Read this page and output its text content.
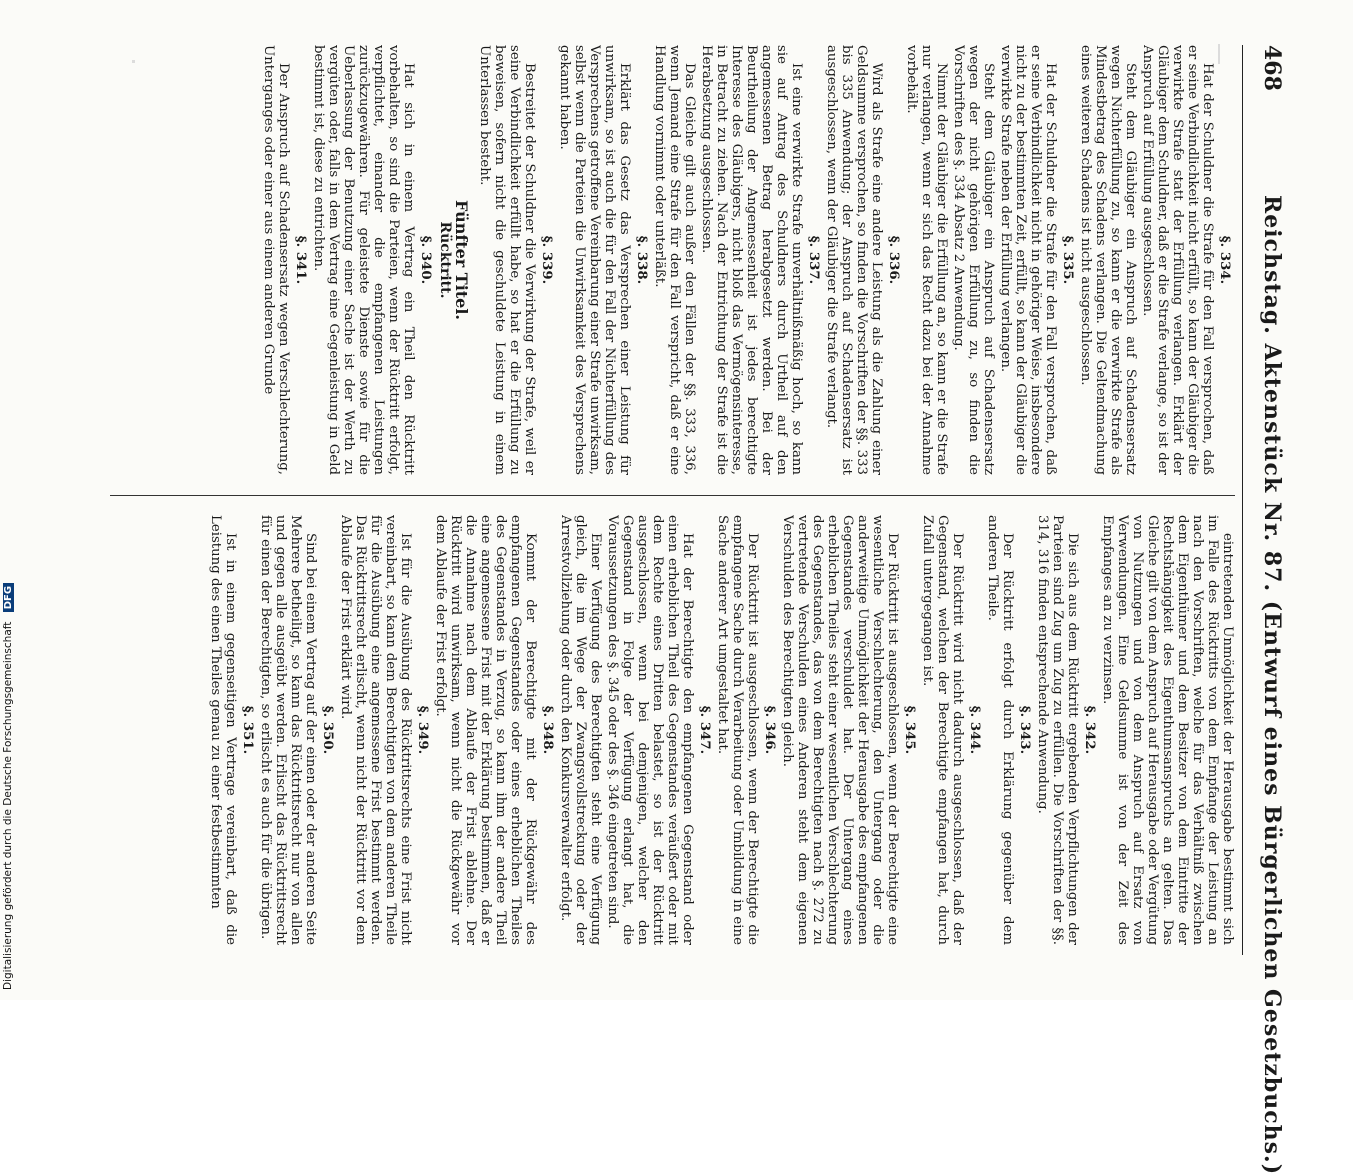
468
Reichstag. Aktenstück Nr. 87. (Entwurf eines Bürgerlichen Gesetzbuchs.)
§. 334.
Hat der Schuldner die Strafe für den Fall versprochen, daß er seine Verbindlichkeit nicht erfüllt, so kann der Gläubiger die verwirkte Strafe statt der Erfüllung verlangen. Erklärt der Gläubiger dem Schuldner, daß er die Strafe verlange, so ist der Anspruch auf Erfüllung ausgeschlossen.
Steht dem Gläubiger ein Anspruch auf Schadensersatz wegen Nichterfüllung zu, so kann er die verwirkte Strafe als Mindestbetrag des Schadens verlangen. Die Geltendmachung eines weiteren Schadens ist nicht ausgeschlossen.
§. 335.
Hat der Schuldner die Strafe für den Fall versprochen, daß er seine Verbindlichkeit nicht in gehöriger Weise, insbesondere nicht zu der bestimmten Zeit, erfüllt, so kann der Gläubiger die verwirkte Strafe neben der Erfüllung verlangen.
Steht dem Gläubiger ein Anspruch auf Schadensersatz wegen der nicht gehörigen Erfüllung zu, so finden die Vorschriften des §. 334 Absatz 2 Anwendung.
Nimmt der Gläubiger die Erfüllung an, so kann er die Strafe nur verlangen, wenn er sich das Recht dazu bei der Annahme vorbehält.
§. 336.
Wird als Strafe eine andere Leistung als die Zahlung einer Geldsumme versprochen, so finden die Vorschriften der §§. 333 bis 335 Anwendung; der Anspruch auf Schadensersatz ist ausgeschlossen, wenn der Gläubiger die Strafe verlangt.
§. 337.
Ist eine verwirkte Strafe unverhältnißmäßig hoch, so kann sie auf Antrag des Schuldners durch Urtheil auf den angemessenen Betrag herabgesetzt werden. Bei der Beurtheilung der Angemessenheit ist jedes berechtigte Interesse des Gläubigers, nicht bloß das Vermögensinteresse, in Betracht zu ziehen. Nach der Entrichtung der Strafe ist die Herabsetzung ausgeschlossen.
Das Gleiche gilt auch außer den Fällen der §§. 333, 336, wenn Jemand eine Strafe für den Fall verspricht, daß er eine Handlung vornimmt oder unterläßt.
§. 338.
Erklärt das Gesetz das Versprechen einer Leistung für unwirksam, so ist auch die für den Fall der Nichterfüllung des Versprechens getroffene Vereinbarung einer Strafe unwirksam, selbst wenn die Parteien die Unwirksamkeit des Versprechens gekannt haben.
§. 339.
Bestreitet der Schuldner die Verwirkung der Strafe, weil er seine Verbindlichkeit erfüllt habe, so hat er die Erfüllung zu beweisen, sofern nicht die geschuldete Leistung in einem Unterlassen besteht.
Fünfter Titel.
Rücktritt.
§. 340.
Hat sich in einem Vertrag ein Theil den Rücktritt vorbehalten, so sind die Parteien, wenn der Rücktritt erfolgt, verpflichtet, einander die empfangenen Leistungen zurückzugewähren. Für geleistete Dienste sowie für die Ueberlassung der Benutzung einer Sache ist der Werth zu vergüten oder, falls in dem Vertrag eine Gegenleistung in Geld bestimmt ist, diese zu entrichten.
§. 341.
Der Anspruch auf Schadensersatz wegen Verschlechterung, Unterganges oder einer aus einem anderen Grunde
eintretenden Unmöglichkeit der Herausgabe bestimmt sich im Falle des Rücktritts von dem Empfange der Leistung an nach den Vorschriften, welche für das Verhältniß zwischen dem Eigenthümer und dem Besitzer von dem Eintritte der Rechtshängigkeit des Eigenthumsanspruchs an gelten. Das Gleiche gilt von dem Anspruch auf Herausgabe oder Vergütung von Nutzungen und von dem Anspruch auf Ersatz von Verwendungen. Eine Geldsumme ist von der Zeit des Empfanges an zu verzinsen.
§. 342.
Die sich aus dem Rücktritt ergebenden Verpflichtungen der Parteien sind Zug um Zug zu erfüllen. Die Vorschriften der §§. 314, 316 finden entsprechende Anwendung.
§. 343.
Der Rücktritt erfolgt durch Erklärung gegenüber dem anderen Theile.
§. 344.
Der Rücktritt wird nicht dadurch ausgeschlossen, daß der Gegenstand, welchen der Berechtigte empfangen hat, durch Zufall untergegangen ist.
§. 345.
Der Rücktritt ist ausgeschlossen, wenn der Berechtigte eine wesentliche Verschlechterung, den Untergang oder die anderweitige Unmöglichkeit der Herausgabe des empfangenen Gegenstandes verschuldet hat. Der Untergang eines erheblichen Theiles steht einer wesentlichen Verschlechterung des Gegenstandes, das von dem Berechtigten nach §. 272 zu vertretende Verschulden eines Anderen steht dem eigenen Verschulden des Berechtigten gleich.
§. 346.
Der Rücktritt ist ausgeschlossen, wenn der Berechtigte die empfangene Sache durch Verarbeitung oder Umbildung in eine Sache anderer Art umgestaltet hat.
§. 347.
Hat der Berechtigte den empfangenen Gegenstand oder einen erheblichen Theil des Gegenstandes veräußert oder mit dem Rechte eines Dritten belastet, so ist der Rücktritt ausgeschlossen, wenn bei demjenigen, welcher den Gegenstand in Folge der Verfügung erlangt hat, die Voraussetzungen des §. 345 oder des §. 346 eingetreten sind.
Einer Verfügung des Berechtigten steht eine Verfügung gleich, die im Wege der Zwangsvollstreckung oder der Arrestvollziehung oder durch den Konkursverwalter erfolgt.
§. 348.
Kommt der Berechtigte mit der Rückgewähr des empfangenen Gegenstandes oder eines erheblichen Theiles des Gegenstandes in Verzug, so kann ihm der andere Theil eine angemessene Frist mit der Erklärung bestimmen, daß er die Annahme nach dem Ablaufe der Frist ablehne. Der Rücktritt wird unwirksam, wenn nicht die Rückgewähr vor dem Ablaufe der Frist erfolgt.
§. 349.
Ist für die Ausübung des Rücktrittsrechts eine Frist nicht vereinbart, so kann dem Berechtigten von dem anderen Theile für die Ausübung eine angemessene Frist bestimmt werden. Das Rücktrittsrecht erlischt, wenn nicht der Rücktritt vor dem Ablaufe der Frist erklärt wird.
§. 350.
Sind bei einem Vertrag auf der einen oder der anderen Seite Mehrere betheiligt, so kann das Rücktrittsrecht nur von allen und gegen alle ausgeübt werden. Erlischt das Rücktrittsrecht für einen der Berechtigten, so erlischt es auch für die übrigen.
§. 351.
Ist in einem gegenseitigen Vertrage vereinbart, daß die Leistung des einen Theiles genau zu einer festbestimmten
Digitalisierung gefördert durch die Deutsche Forschungsgemeinschaft DFG
